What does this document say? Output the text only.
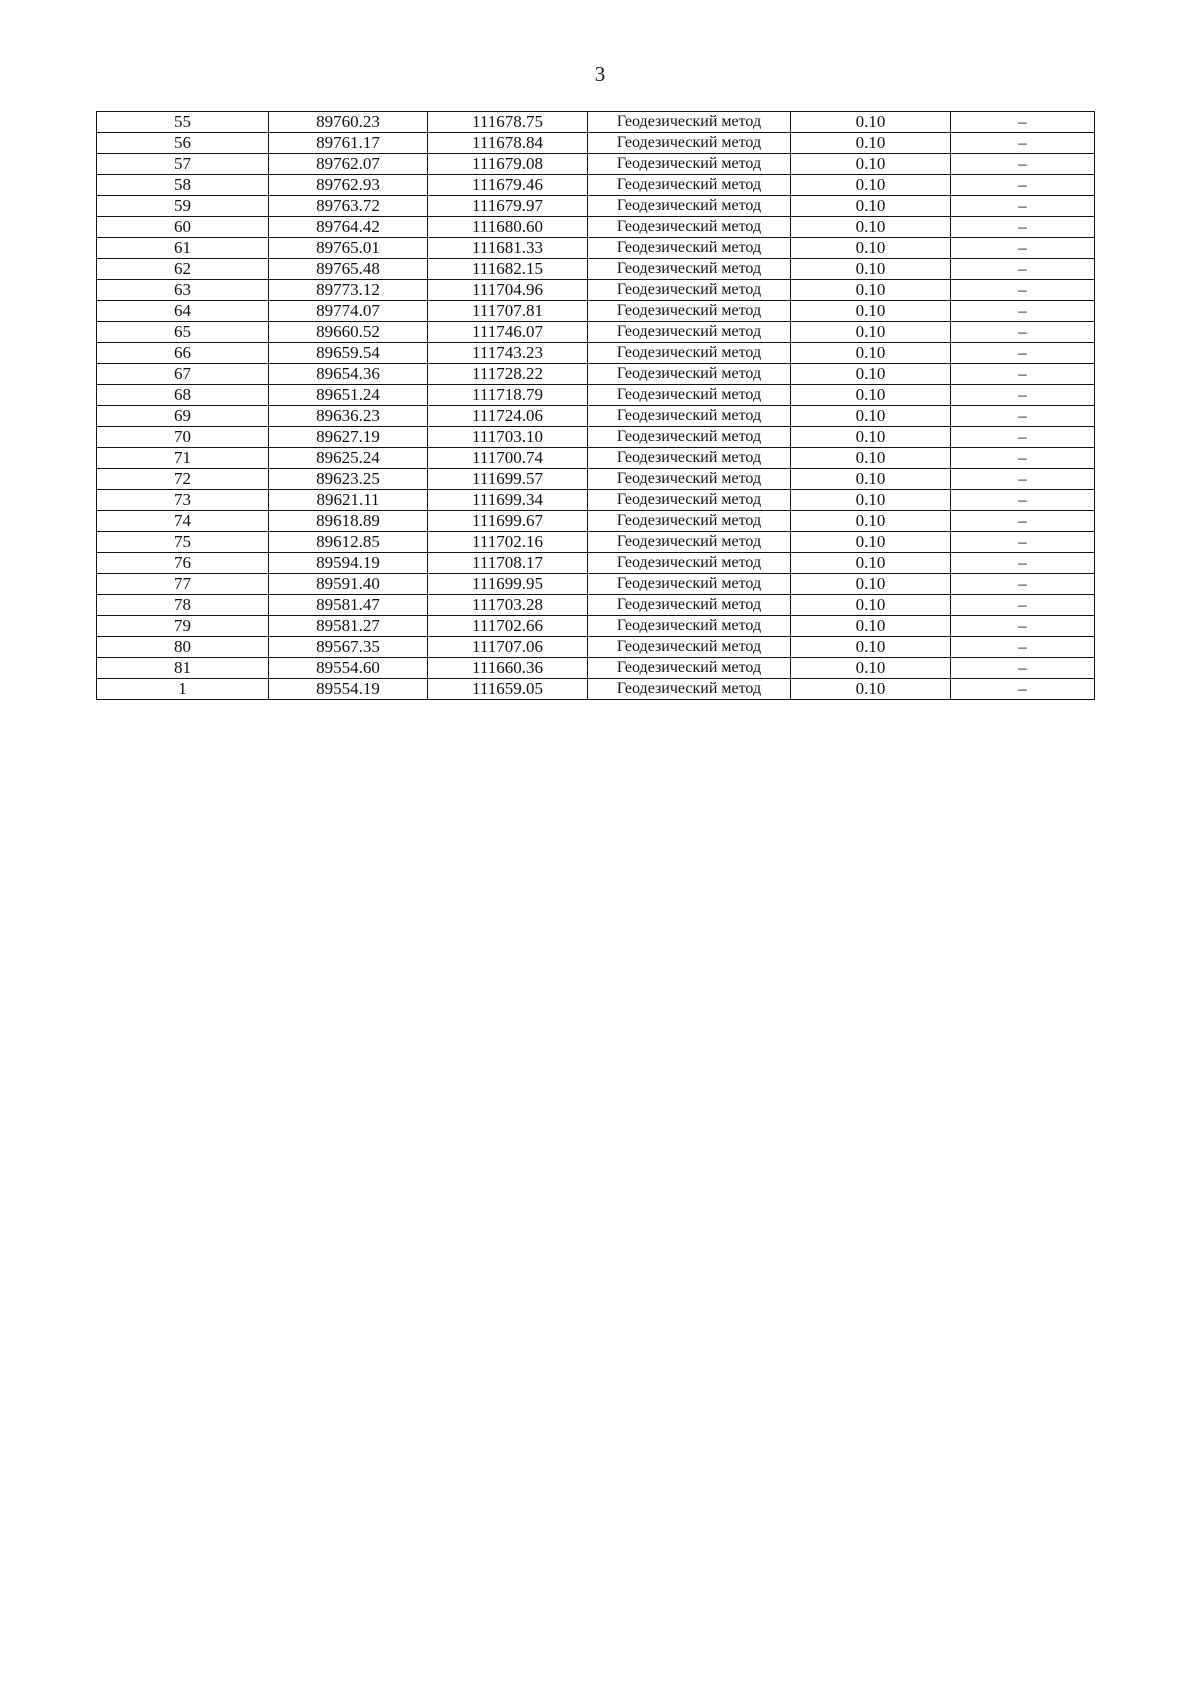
3
55	89760.23	111678.75	Геодезический метод	0.10	–
56	89761.17	111678.84	Геодезический метод	0.10	–
57	89762.07	111679.08	Геодезический метод	0.10	–
58	89762.93	111679.46	Геодезический метод	0.10	–
59	89763.72	111679.97	Геодезический метод	0.10	–
60	89764.42	111680.60	Геодезический метод	0.10	–
61	89765.01	111681.33	Геодезический метод	0.10	–
62	89765.48	111682.15	Геодезический метод	0.10	–
63	89773.12	111704.96	Геодезический метод	0.10	–
64	89774.07	111707.81	Геодезический метод	0.10	–
65	89660.52	111746.07	Геодезический метод	0.10	–
66	89659.54	111743.23	Геодезический метод	0.10	–
67	89654.36	111728.22	Геодезический метод	0.10	–
68	89651.24	111718.79	Геодезический метод	0.10	–
69	89636.23	111724.06	Геодезический метод	0.10	–
70	89627.19	111703.10	Геодезический метод	0.10	–
71	89625.24	111700.74	Геодезический метод	0.10	–
72	89623.25	111699.57	Геодезический метод	0.10	–
73	89621.11	111699.34	Геодезический метод	0.10	–
74	89618.89	111699.67	Геодезический метод	0.10	–
75	89612.85	111702.16	Геодезический метод	0.10	–
76	89594.19	111708.17	Геодезический метод	0.10	–
77	89591.40	111699.95	Геодезический метод	0.10	–
78	89581.47	111703.28	Геодезический метод	0.10	–
79	89581.27	111702.66	Геодезический метод	0.10	–
80	89567.35	111707.06	Геодезический метод	0.10	–
81	89554.60	111660.36	Геодезический метод	0.10	–
1	89554.19	111659.05	Геодезический метод	0.10	–
